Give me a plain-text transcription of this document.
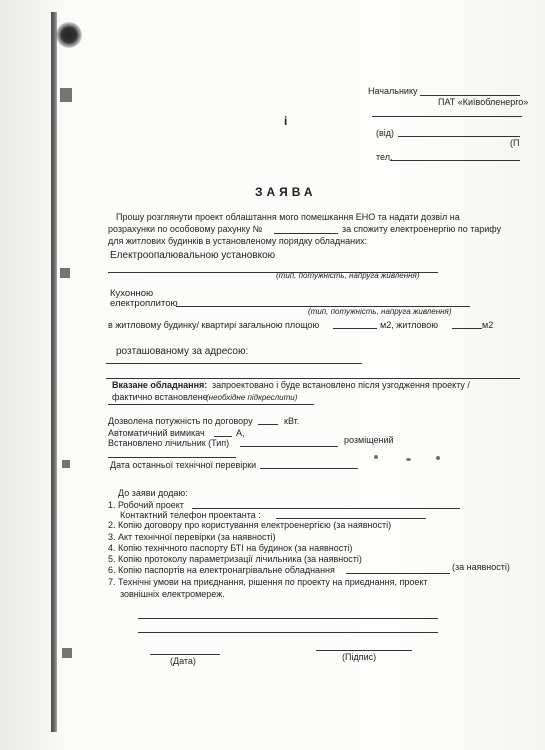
Начальнику
ПАТ «Київобленерго»
(від)
(П
тел.
і
ЗАЯВА
Прошу розглянути проект облаштання мого помешкання ЕНО та надати дозвіл на
розрахунки по особовому рахунку №	за спожиту електроенергію по тарифу
для житлових будинків в установленому порядку обладнаних:
Електроопалювальною установкою
(тип, потужність, напруга живлення)
Кухонною
електроплитою
(тип, потужність, напруга живлення)
в житловому будинку/ квартирі загальною площою	м2, житловою	м2
розташованому за адресою:
Вказане обладнання: запроектовано і буде встановлено після узгодження проекту /
фактично встановлене
(необхідне підкреслити)
Дозволена потужність по договору	кВт.
Автоматичний вимикач	А,
Встановлено лічильник (Тип)	розміщений
Дата останньої технічної перевірки
До заяви додаю:
1. Робочий проект
Контактний телефон проектанта :
2. Копію договору про користування електроенергією (за наявності)
3. Акт технічної перевірки (за наявності)
4. Копію технічного паспорту БТІ на будинок (за наявності)
5. Копію протоколу параметризації лічильника (за наявності)
6. Копію паспортів на електронагрівальне обладнання	(за наявності)
7. Технічні умови на приєднання, рішення по проекту на приєднання, проект
зовнішніх електромереж.
(Дата)	(Підпис)
